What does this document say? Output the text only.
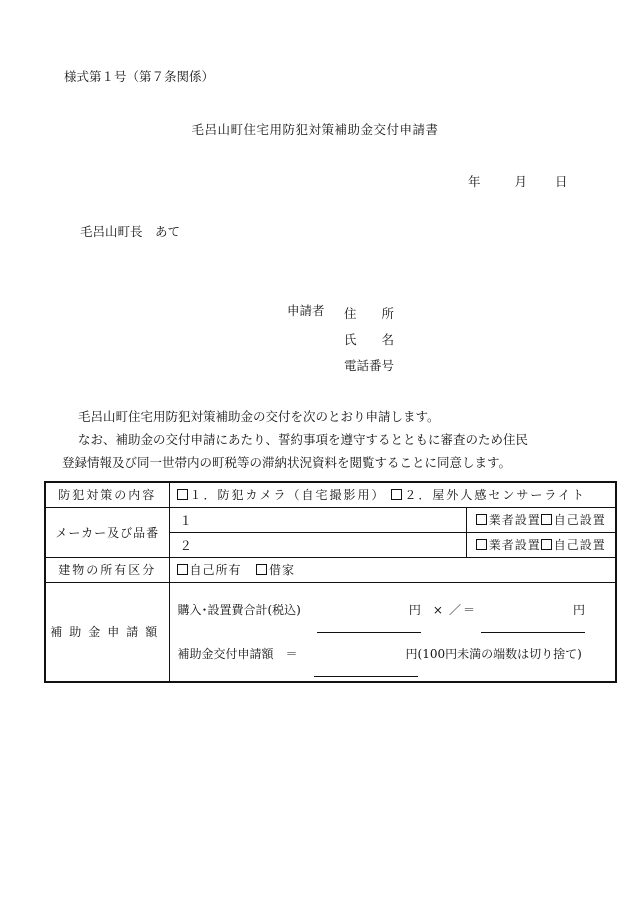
様式第１号（第７条関係）
毛呂山町住宅用防犯対策補助金交付申請書
年	月 日
毛呂山町長　あて
申請者 住　　所
氏　　名
電話番号
毛呂山町住宅用防犯対策補助金の交付を次のとおり申請します。
なお、補助金の交付申請にあたり、誓約事項を遵守するとともに審査のため住民
登録情報及び同一世帯内の町税等の滞納状況資料を閲覧することに同意します。
防犯対策の内容	１．防犯カメラ（自宅撮影用） ２．屋外人感センサーライト	
メーカー及び品番	１	業者設置 自己設置
	２	業者設置 自己設置
建物の所有区分	自己所有 借家	
補助金申請額	購入･設置費合計(税込) 円 × ／ ＝ 円
補助金交付申請額　＝ 円(100円未満の端数は切り捨て)	
